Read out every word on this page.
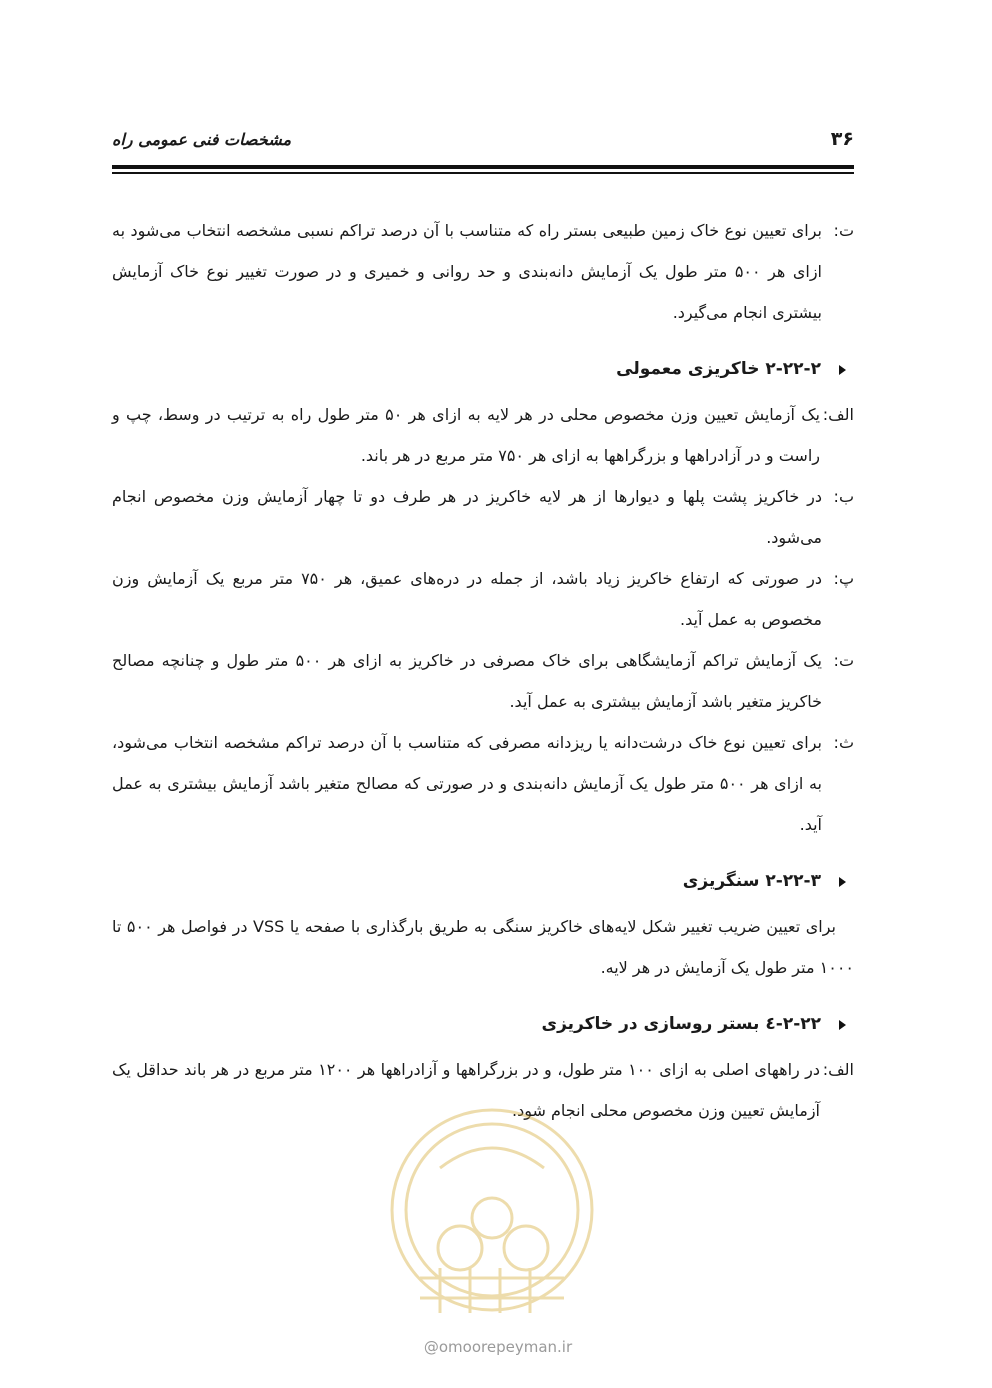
مشخصات فنی عمومی راه	۳۶
ت:
برای تعیین نوع خاک زمین طبیعی بستر راه که متناسب با آن درصد تراکم نسبی مشخصه انتخاب می‌شود به ازای هر ۵۰۰ متر طول یک آزمایش دانه‌بندی و حد روانی و خمیری و در صورت تغییر نوع خاک آزمایش بیشتری انجام می‌گیرد.
۲-۲۲-۲ خاکریزی معمولی
الف:
یک آزمایش تعیین وزن مخصوص محلی در هر لایه به ازای هر ۵۰ متر طول راه به ترتیب در وسط، چپ و راست و در آزادراهها و بزرگراهها به ازای هر ۷۵۰ متر مربع در هر باند.
ب:
در خاکریز پشت پلها و دیوارها از هر لایه خاکریز در هر طرف دو تا چهار آزمایش وزن مخصوص انجام می‌شود.
پ:
در صورتی که ارتفاع خاکریز زیاد باشد، از جمله در دره‌های عمیق، هر ۷۵۰ متر مربع یک آزمایش وزن مخصوص به عمل آید.
ت:
یک آزمایش تراکم آزمایشگاهی برای خاک مصرفی در خاکریز به ازای هر ۵۰۰ متر طول و چنانچه مصالح خاکریز متغیر باشد آزمایش بیشتری به عمل آید.
ث:
برای تعیین نوع خاک درشت‌دانه یا ریزدانه مصرفی که متناسب با آن درصد تراکم مشخصه انتخاب می‌شود، به ازای هر ۵۰۰ متر طول یک آزمایش دانه‌بندی و در صورتی که مصالح متغیر باشد آزمایش بیشتری به عمل آید.
۲-۲۲-۳ سنگریزی
برای تعیین ضریب تغییر شکل لایه‌های خاکریز سنگی به طریق بارگذاری با صفحه یا VSS در فواصل هر ۵۰۰ تا ۱۰۰۰ متر طول یک آزمایش در هر لایه.
۲-۲۲-٤ بستر روسازی در خاکریزی
الف:
در راههای اصلی به ازای ۱۰۰ متر طول، و در بزرگراهها و آزادراهها هر ۱۲۰۰ متر مربع در هر باند حداقل یک آزمایش تعیین وزن مخصوص محلی انجام شود.
@omoorepeyman.ir
